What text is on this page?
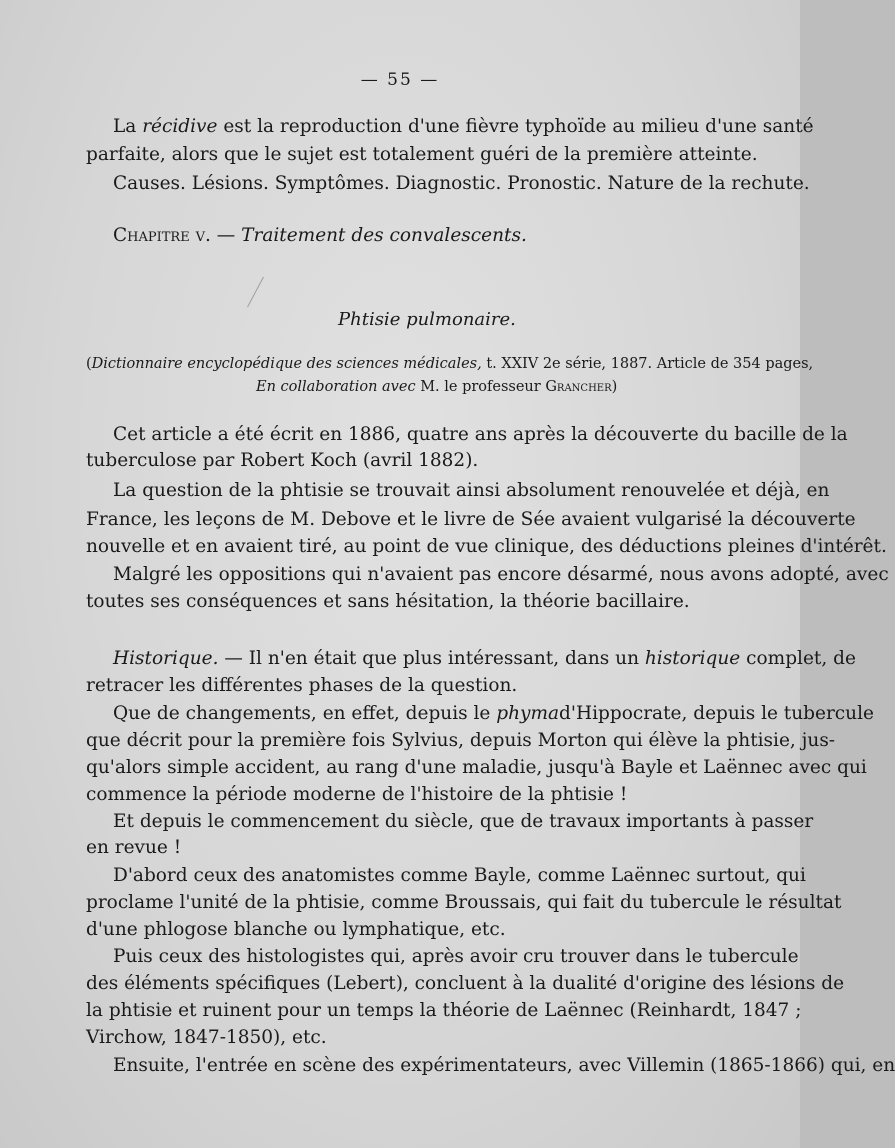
— 55 —
La récidive est la reproduction d'une fièvre typhoïde au milieu d'une santé
parfaite, alors que le sujet est totalement guéri de la première atteinte.
Causes. Lésions. Symptômes. Diagnostic. Pronostic. Nature de la rechute.
Chapitre v. — Traitement des convalescents.
Phtisie pulmonaire.
(Dictionnaire encyclopédique des sciences médicales, t. XXIV 2e série, 1887. Article de 354 pages,
En collaboration avec M. le professeur Grancher)
Cet article a été écrit en 1886, quatre ans après la découverte du bacille de la
tuberculose par Robert Koch (avril 1882).
La question de la phtisie se trouvait ainsi absolument renouvelée et déjà, en
France, les leçons de M. Debove et le livre de Sée avaient vulgarisé la découverte
nouvelle et en avaient tiré, au point de vue clinique, des déductions pleines d'intérêt.
Malgré les oppositions qui n'avaient pas encore désarmé, nous avons adopté, avec
toutes ses conséquences et sans hésitation, la théorie bacillaire.
Historique. — Il n'en était que plus intéressant, dans un historique complet, de
retracer les différentes phases de la question.
Que de changements, en effet, depuis le phymad'Hippocrate, depuis le tubercule
que décrit pour la première fois Sylvius, depuis Morton qui élève la phtisie, jus-
qu'alors simple accident, au rang d'une maladie, jusqu'à Bayle et Laënnec avec qui
commence la période moderne de l'histoire de la phtisie !
Et depuis le commencement du siècle, que de travaux importants à passer
en revue !
D'abord ceux des anatomistes comme Bayle, comme Laënnec surtout, qui
proclame l'unité de la phtisie, comme Broussais, qui fait du tubercule le résultat
d'une phlogose blanche ou lymphatique, etc.
Puis ceux des histologistes qui, après avoir cru trouver dans le tubercule
des éléments spécifiques (Lebert), concluent à la dualité d'origine des lésions de
la phtisie et ruinent pour un temps la théorie de Laënnec (Reinhardt, 1847 ;
Virchow, 1847-1850), etc.
Ensuite, l'entrée en scène des expérimentateurs, avec Villemin (1865-1866) qui, en
